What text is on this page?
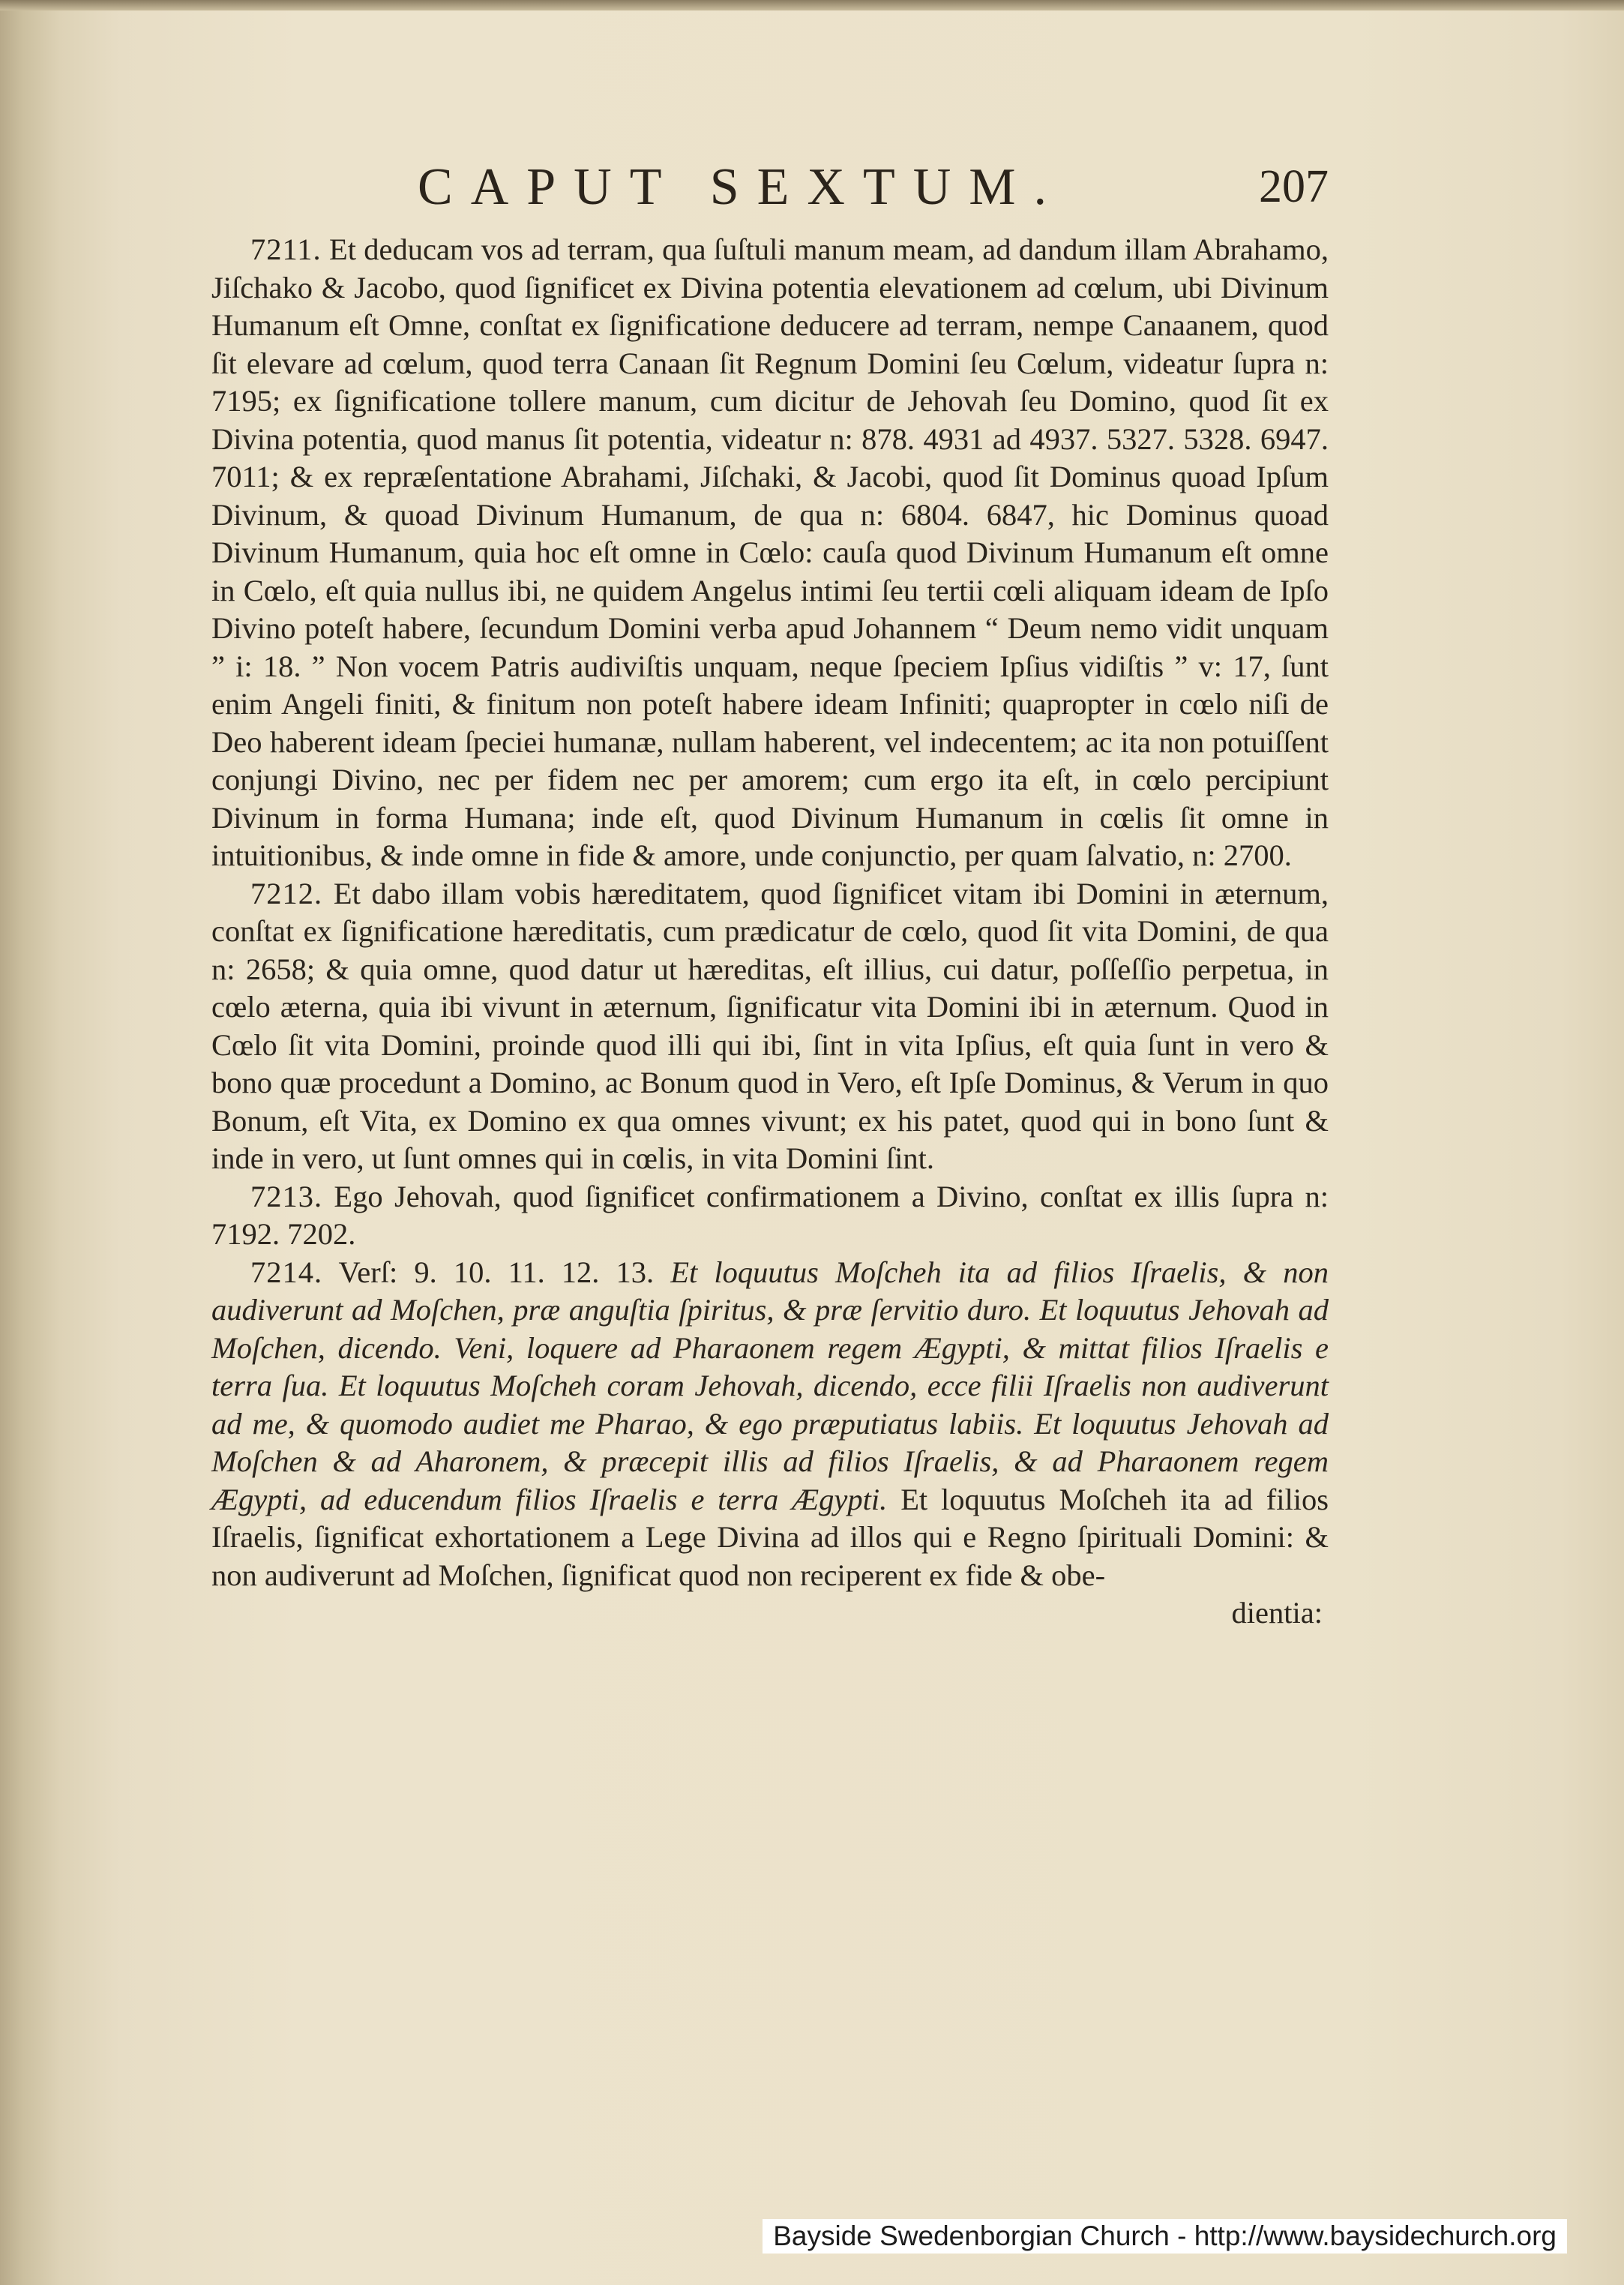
CAPUT SEXTUM.	207

7211. Et deducam vos ad terram, qua ſuſtuli manum meam, ad dandum illam Abrahamo, Jiſchako & Jacobo, quod ſignificet ex Divina potentia elevationem ad cœlum, ubi Divinum Humanum eſt Omne, conſtat ex ſignificatione deducere ad terram, nempe Canaanem, quod ſit elevare ad cœlum, quod terra Canaan ſit Regnum Domini ſeu Cœlum, videatur ſupra n: 7195; ex ſignificatione tollere manum, cum dicitur de Jehovah ſeu Domino, quod ſit ex Divina potentia, quod manus ſit potentia, videatur n: 878. 4931 ad 4937. 5327. 5328. 6947. 7011; & ex repræſentatione Abrahami, Jiſchaki, & Jacobi, quod ſit Dominus quoad Ipſum Divinum, & quoad Divinum Humanum, de qua n: 6804. 6847, hic Dominus quoad Divinum Humanum, quia hoc eſt omne in Cœlo: cauſa quod Divinum Humanum eſt omne in Cœlo, eſt quia nullus ibi, ne quidem Angelus intimi ſeu tertii cœli aliquam ideam de Ipſo Divino poteſt habere, ſecundum Domini verba apud Johannem “ Deum nemo vidit unquam ” i: 18. ” Non vocem Patris audiviſtis unquam, neque ſpeciem Ipſius vidiſtis ” v: 17, ſunt enim Angeli finiti, & finitum non poteſt habere ideam Infiniti; quapropter in cœlo niſi de Deo haberent ideam ſpeciei humanæ, nullam haberent, vel indecentem; ac ita non potuiſſent conjungi Divino, nec per fidem nec per amorem; cum ergo ita eſt, in cœlo percipiunt Divinum in forma Humana; inde eſt, quod Divinum Humanum in cœlis ſit omne in intuitionibus, & inde omne in fide & amore, unde conjunctio, per quam ſalvatio, n: 2700.

7212. Et dabo illam vobis hæreditatem, quod ſignificet vitam ibi Domini in æternum, conſtat ex ſignificatione hæreditatis, cum prædicatur de cœlo, quod ſit vita Domini, de qua n: 2658; & quia omne, quod datur ut hæreditas, eſt illius, cui datur, poſſeſſio perpetua, in cœlo æterna, quia ibi vivunt in æternum, ſignificatur vita Domini ibi in æternum. Quod in Cœlo ſit vita Domini, proinde quod illi qui ibi, ſint in vita Ipſius, eſt quia ſunt in vero & bono quæ procedunt a Domino, ac Bonum quod in Vero, eſt Ipſe Dominus, & Verum in quo Bonum, eſt Vita, ex Domino ex qua omnes vivunt; ex his patet, quod qui in bono ſunt & inde in vero, ut ſunt omnes qui in cœlis, in vita Domini ſint.

7213. Ego Jehovah, quod ſignificet confirmationem a Divino, conſtat ex illis ſupra n: 7192. 7202.

7214. Verſ: 9. 10. 11. 12. 13. Et loquutus Moſcheh ita ad filios Iſraelis, & non audiverunt ad Moſchen, præ anguſtia ſpiritus, & præ ſervitio duro. Et loquutus Jehovah ad Moſchen, dicendo. Veni, loquere ad Pharaonem regem Ægypti, & mittat filios Iſraelis e terra ſua. Et loquutus Moſcheh coram Jehovah, dicendo, ecce filii Iſraelis non audiverunt ad me, & quomodo audiet me Pharao, & ego præputiatus labiis. Et loquutus Jehovah ad Moſchen & ad Aharonem, & præcepit illis ad filios Iſraelis, & ad Pharaonem regem Ægypti, ad educendum filios Iſraelis e terra Ægypti. Et loquutus Moſcheh ita ad filios Iſraelis, ſignificat exhortationem a Lege Divina ad illos qui e Regno ſpirituali Domini: & non audiverunt ad Moſchen, ſignificat quod non reciperent ex fide & obe-

dientia:

Bayside Swedenborgian Church - http://www.baysidechurch.org
